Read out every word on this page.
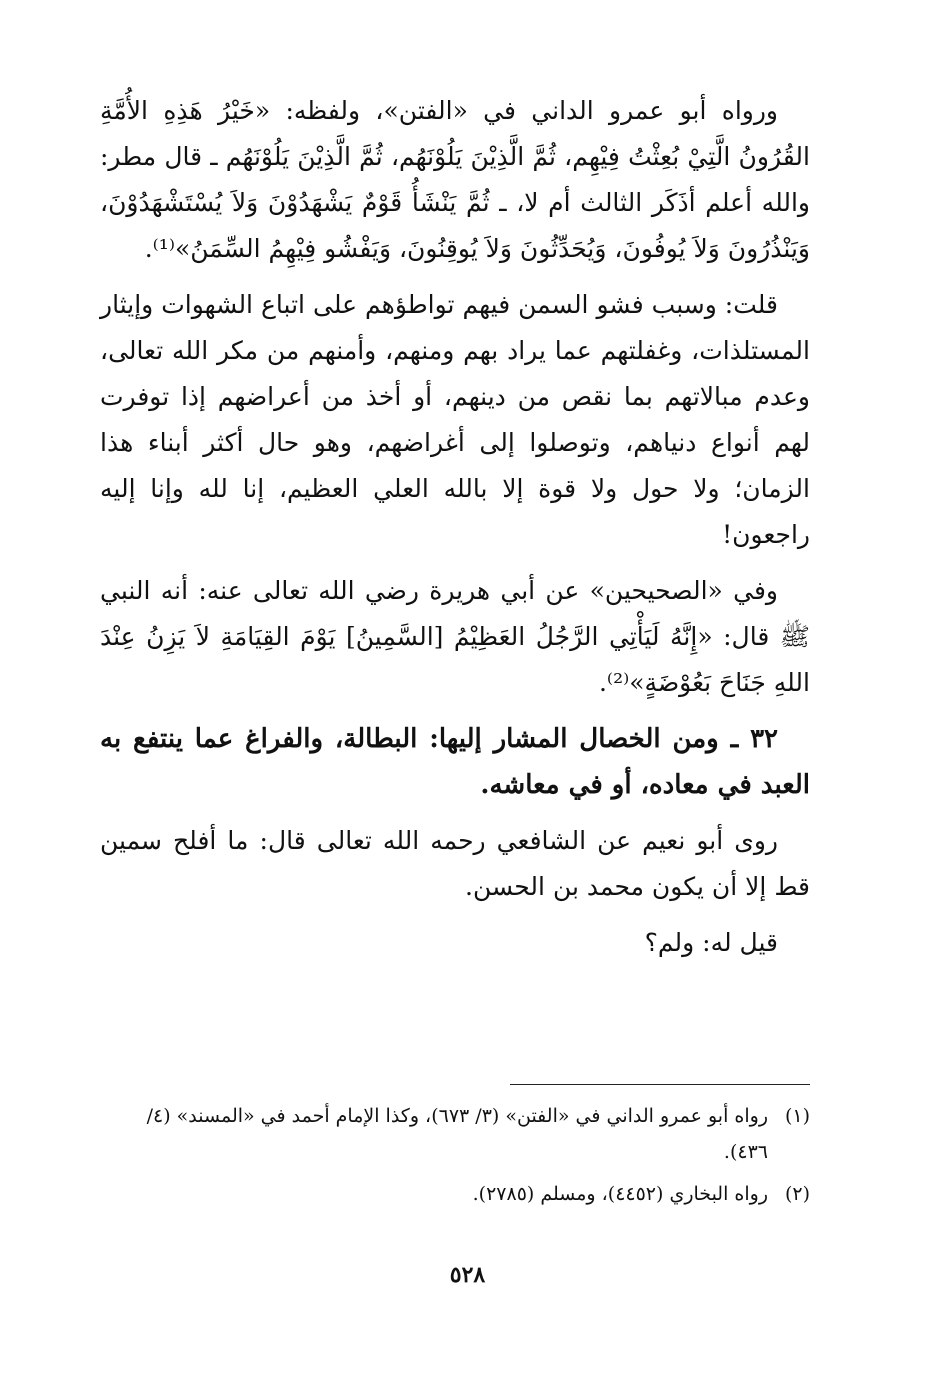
ورواه أبو عمرو الداني في «الفتن»، ولفظه: «خَيْرُ هَذِهِ الأُمَّةِ القُرُونُ الَّتِيْ بُعِثْتُ فِيْهِم، ثُمَّ الَّذِيْنَ يَلُوْنَهُم، ثُمَّ الَّذِيْنَ يَلُوْنَهُم ـ قال مطر: والله أعلم أذَكَر الثالث أم لا، ـ ثُمَّ يَنْشَأُ قَوْمٌ يَشْهَدُوْنَ وَلاَ يُسْتَشْهَدُوْنَ، وَيَنْذُرُونَ وَلاَ يُوفُونَ، وَيُحَدِّثُونَ وَلاَ يُوقِنُونَ، وَيَفْشُو فِيْهِمُ السِّمَنُ»⁽¹⁾.

قلت: وسبب فشو السمن فيهم تواطؤهم على اتباع الشهوات وإيثار المستلذات، وغفلتهم عما يراد بهم ومنهم، وأمنهم من مكر الله تعالى، وعدم مبالاتهم بما نقص من دينهم، أو أخذ من أعراضهم إذا توفرت لهم أنواع دنياهم، وتوصلوا إلى أغراضهم، وهو حال أكثر أبناء هذا الزمان؛ ولا حول ولا قوة إلا بالله العلي العظيم، إنا لله وإنا إليه راجعون!

وفي «الصحيحين» عن أبي هريرة رضي الله تعالى عنه: أنه النبي ﷺ قال: «إِنَّهُ لَيَأْتِي الرَّجُلُ العَظِيْمُ [السَّمِينُ] يَوْمَ القِيَامَةِ لاَ يَزِنُ عِنْدَ اللهِ جَنَاحَ بَعُوْضَةٍ»⁽²⁾.

٣٢ ـ ومن الخصال المشار إليها: البطالة، والفراغ عما ينتفع به العبد في معاده، أو في معاشه.

روى أبو نعيم عن الشافعي رحمه الله تعالى قال: ما أفلح سمين قط إلا أن يكون محمد بن الحسن.

قيل له: ولم؟

(١)
رواه أبو عمرو الداني في «الفتن» (٣/ ٦٧٣)، وكذا الإمام أحمد في «المسند» (٤/ ٤٣٦).
(٢)
رواه البخاري (٤٤٥٢)، ومسلم (٢٧٨٥).
٥٢٨
